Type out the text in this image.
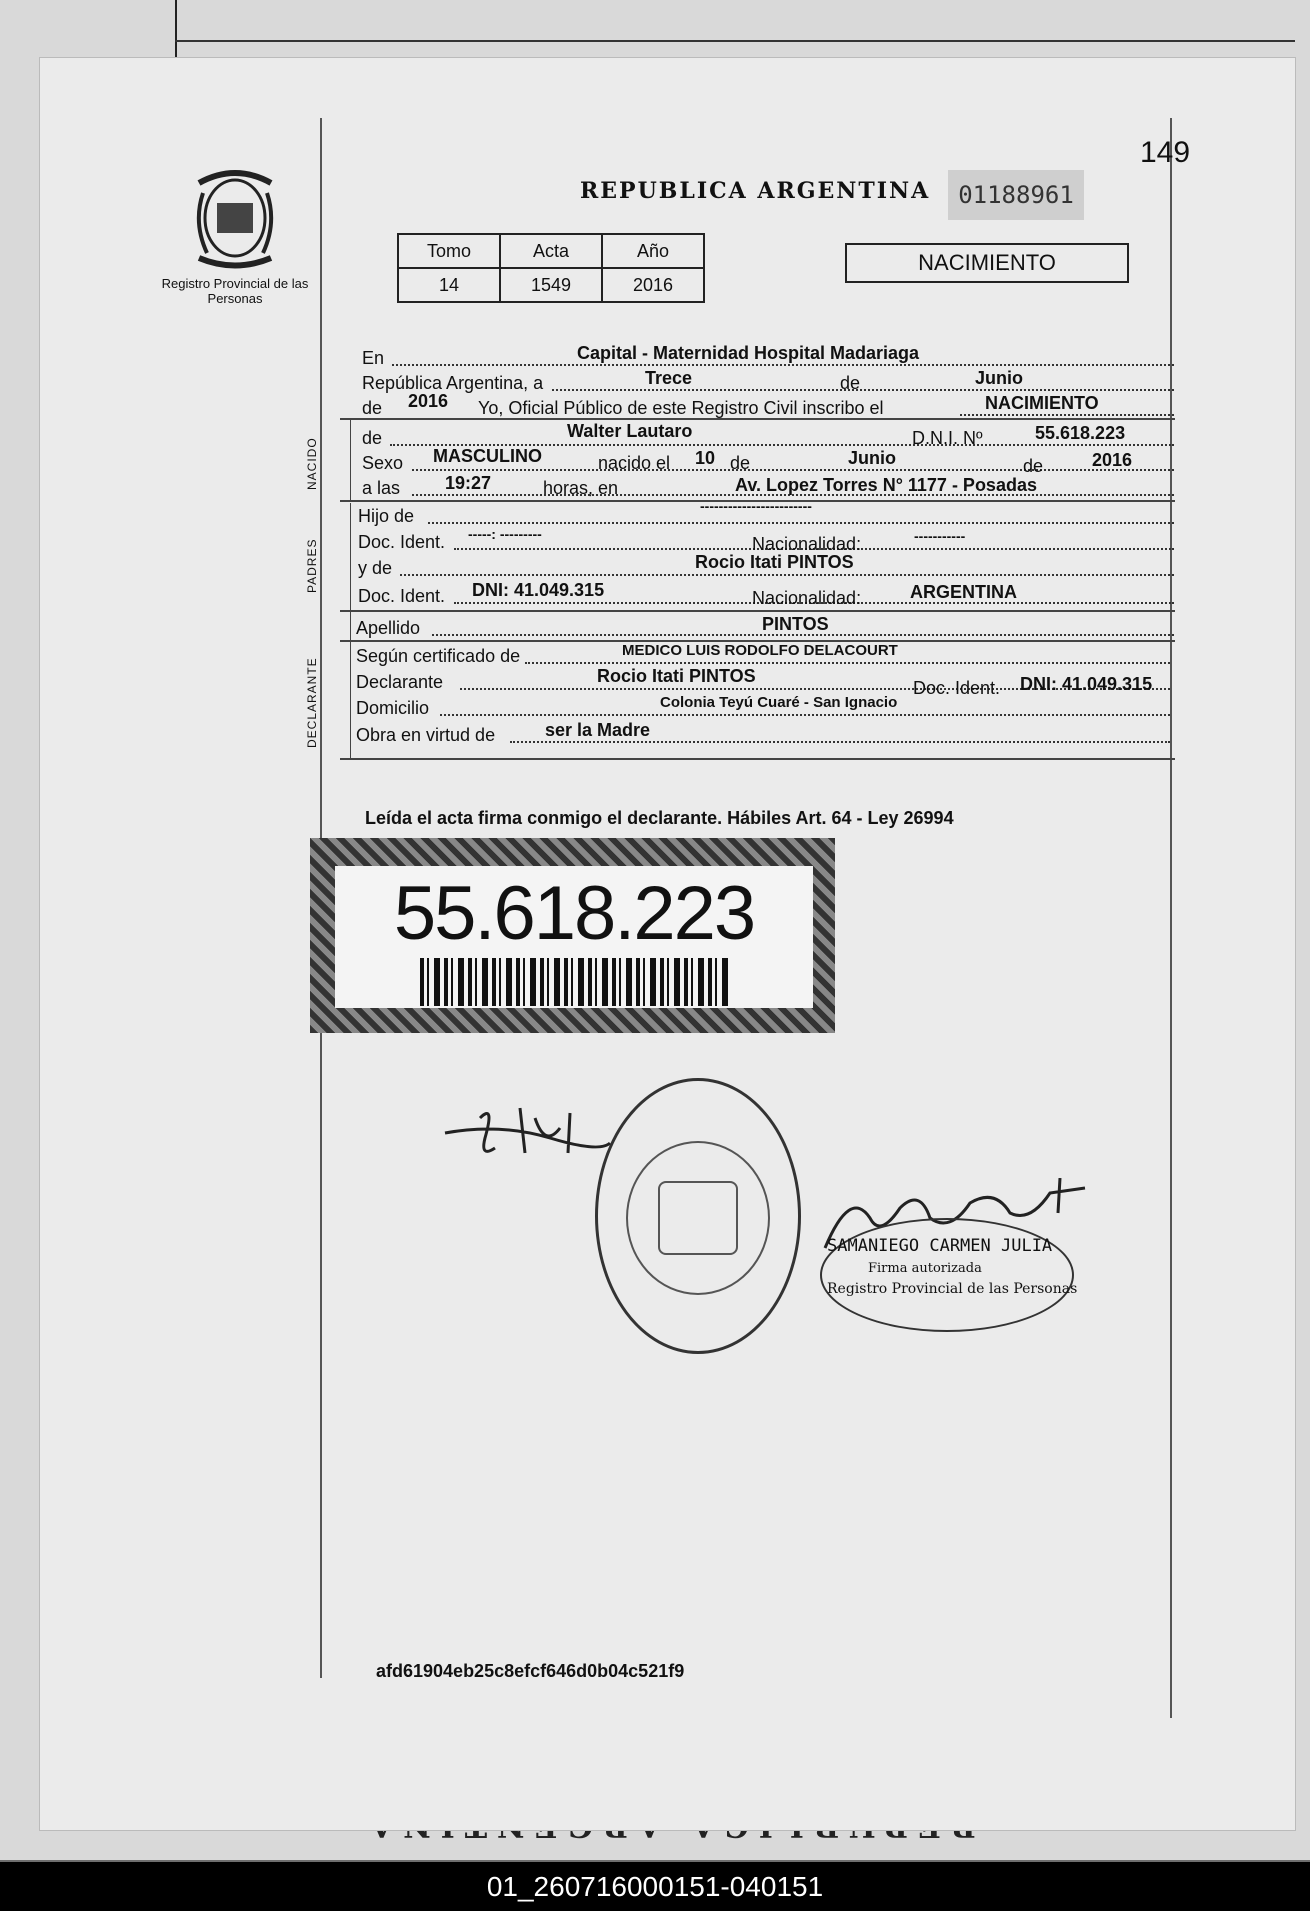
149
Registro Provincial de las Personas
REPUBLICA ARGENTINA	01188961
Tomo	Acta	Año
14	1549	2016
NACIMIENTO
En	Capital - Maternidad Hospital Madariaga
República Argentina, a	Trece	de	Junio
de 2016 Yo, Oficial Público de este Registro Civil inscribo el	NACIMIENTO
NACIDO de	Walter Lautaro	D.N.I. Nº	55.618.223
Sexo MASCULINO	nacido el 10 de	Junio	de	2016
a las 19:27	horas, en	Av. Lopez Torres N° 1177 - Posadas
PADRES
Hijo de	------------------------
Doc. Ident. -----: ---------	Nacionalidad:	-----------
y de	Rocio Itati PINTOS
Doc. Ident. DNI: 41.049.315	Nacionalidad:	ARGENTINA
Apellido	PINTOS
DECLARANTE
Según certificado de	MEDICO LUIS RODOLFO DELACOURT
Declarante	Rocio Itati PINTOS
Doc. Ident. DNI: 41.049.315
Domicilio	Colonia Teyú Cuaré - San Ignacio
Obra en virtud de	ser la Madre
Leída el acta firma conmigo el declarante. Hábiles Art. 64 - Ley 26994
55.618.223
SAMANIEGO CARMEN JULIA
Firma autorizada
Registro Provincial de las Personas
afd61904eb25c8efcf646d0b04c521f9
01_260716000151-040151
